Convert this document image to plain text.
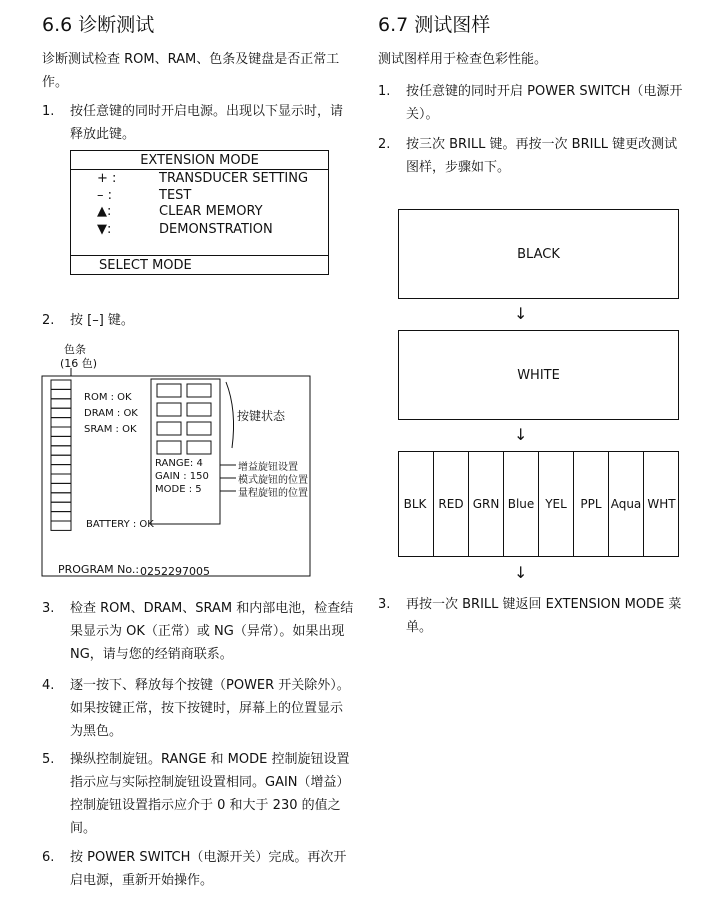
6.6 诊断测试
诊断测试检查 ROM、RAM、色条及键盘是否正常工作。
1. 按任意键的同时开启电源。出现以下显示时，请释放此键。
EXTENSION MODE
+ :	TRANSDUCER SETTING
– :	TEST
▲:	CLEAR MEMORY
▼:	DEMONSTRATION
SELECT MODE
2. 按 [–] 键。
色条
(16 色)
ROM : OK
DRAM : OK
SRAM : OK
按键状态
RANGE: 4
GAIN : 150
MODE : 5
增益旋钮设置
模式旋钮的位置
量程旋钮的位置
BATTERY : OK
PROGRAM No.: 0252297005
3. 检查 ROM、DRAM、SRAM 和内部电池，检查结果显示为 OK（正常）或 NG（异常）。如果出现 NG，请与您的经销商联系。
4. 逐一按下、释放每个按键（POWER 开关除外）。如果按键正常，按下按键时，屏幕上的位置显示为黑色。
5. 操纵控制旋钮。RANGE 和 MODE 控制旋钮设置指示应与实际控制旋钮设置相同。GAIN（增益）控制旋钮设置指示应介于 0 和大于 230 的值之间。
6. 按 POWER SWITCH（电源开关）完成。再次开启电源，重新开始操作。
6.7 测试图样
测试图样用于检查色彩性能。
1. 按任意键的同时开启 POWER SWITCH（电源开关）。
2. 按三次 BRILL 键。再按一次 BRILL 键更改测试图样，步骤如下。
BLACK
↓
WHITE
↓
BLK	RED GRN Blue YEL	PPL Aqua WHT
↓
3. 再按一次 BRILL 键返回 EXTENSION MODE 菜单。
